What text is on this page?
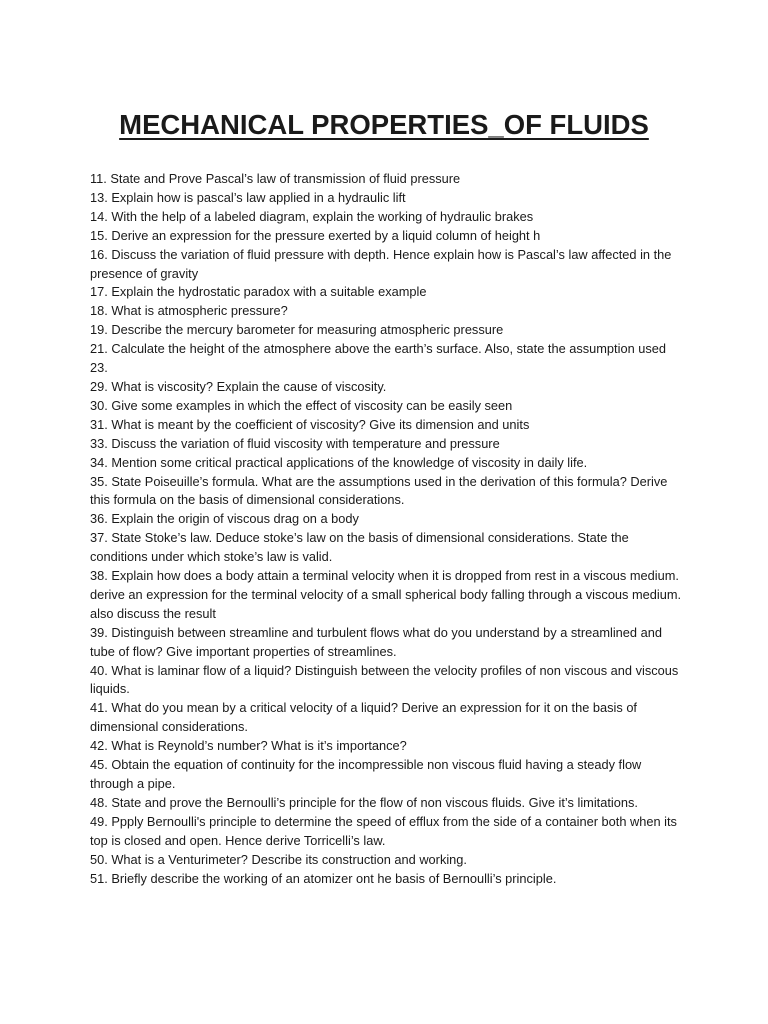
MECHANICAL PROPERTIES_OF FLUIDS
11. State and Prove Pascal’s law of transmission of fluid pressure
13. Explain how is pascal’s law applied in a hydraulic lift
14. With the help of a labeled diagram, explain the working of hydraulic brakes
15. Derive an expression for the pressure exerted by a liquid column of height h
16. Discuss the variation of fluid pressure with depth. Hence explain how is Pascal’s law affected in the presence of gravity
17. Explain the hydrostatic paradox with a suitable example
18. What is atmospheric pressure?
19. Describe the mercury barometer for measuring atmospheric pressure
21. Calculate the height of the atmosphere above the earth’s surface. Also, state the assumption used
23.
29. What is viscosity? Explain the cause of viscosity.
30. Give some examples in which the effect of viscosity can be easily seen
31. What is meant by the coefficient of viscosity? Give its dimension and units
33. Discuss the variation of fluid viscosity with temperature and pressure
34. Mention some critical practical applications of the knowledge of viscosity in daily life.
35. State Poiseuille’s formula. What are the assumptions used in the derivation of this formula? Derive this formula on the basis of dimensional considerations.
36. Explain the origin of viscous drag on a body
37. State Stoke’s law. Deduce stoke’s law on the basis of dimensional considerations. State the conditions under which stoke’s law is valid.
38. Explain how does a body attain a terminal velocity when it is dropped from rest in a viscous medium. derive an expression for the terminal velocity of a small spherical body falling through a viscous medium. also discuss the result
39. Distinguish between streamline and turbulent flows what do you understand by a streamlined and tube of flow? Give important properties of streamlines.
40. What is laminar flow of a liquid? Distinguish between the velocity profiles of non viscous and viscous liquids.
41. What do you mean by a critical velocity of a liquid? Derive an expression for it on the basis of dimensional considerations.
42. What is Reynold’s number? What is it’s importance?
45. Obtain the equation of continuity for the incompressible non viscous fluid having a steady flow through a pipe.
48. State and prove the Bernoulli’s principle for the flow of non viscous fluids. Give it’s limitations.
49. Ppply Bernoulli's principle to determine the speed of efflux from the side of a container both when its top is closed and open. Hence derive Torricelli’s law.
50. What is a Venturimeter? Describe its construction and working.
51. Briefly describe the working of an atomizer ont he basis of Bernoulli’s principle.
